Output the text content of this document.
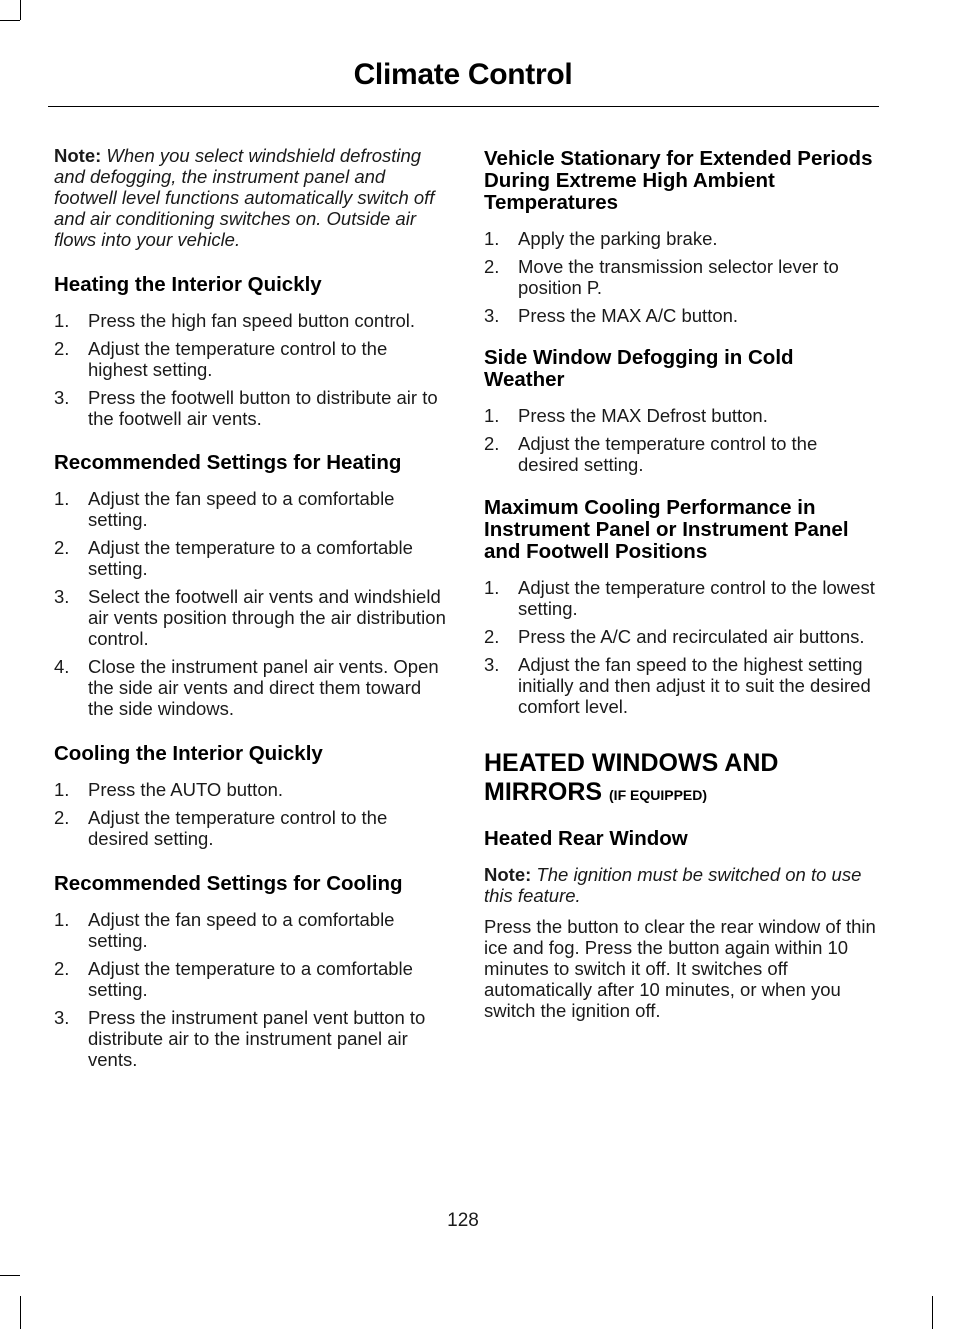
Climate Control

Note: When you select windshield defrosting and defogging, the instrument panel and footwell level functions automatically switch off and air conditioning switches on. Outside air flows into your vehicle.

Heating the Interior Quickly
1. Press the high fan speed button control.
2. Adjust the temperature control to the highest setting.
3. Press the footwell button to distribute air to the footwell air vents.
Recommended Settings for Heating
1. Adjust the fan speed to a comfortable setting.
2. Adjust the temperature to a comfortable setting.
3. Select the footwell air vents and windshield air vents position through the air distribution control.
4. Close the instrument panel air vents. Open the side air vents and direct them toward the side windows.
Cooling the Interior Quickly
1. Press the AUTO button.
2. Adjust the temperature control to the desired setting.
Recommended Settings for Cooling
1. Adjust the fan speed to a comfortable setting.
2. Adjust the temperature to a comfortable setting.
3. Press the instrument panel vent button to distribute air to the instrument panel air vents.
Vehicle Stationary for Extended Periods During Extreme High Ambient Temperatures
1. Apply the parking brake.
2. Move the transmission selector lever to position P.
3. Press the MAX A/C button.
Side Window Defogging in Cold Weather
1. Press the MAX Defrost button.
2. Adjust the temperature control to the desired setting.
Maximum Cooling Performance in Instrument Panel or Instrument Panel and Footwell Positions
1. Adjust the temperature control to the lowest setting.
2. Press the A/C and recirculated air buttons.
3. Adjust the fan speed to the highest setting initially and then adjust it to suit the desired comfort level.
HEATED WINDOWS AND MIRRORS (IF EQUIPPED)
Heated Rear Window

Note: The ignition must be switched on to use this feature.

Press the button to clear the rear window of thin ice and fog. Press the button again within 10 minutes to switch it off. It switches off automatically after 10 minutes, or when you switch the ignition off.

128
